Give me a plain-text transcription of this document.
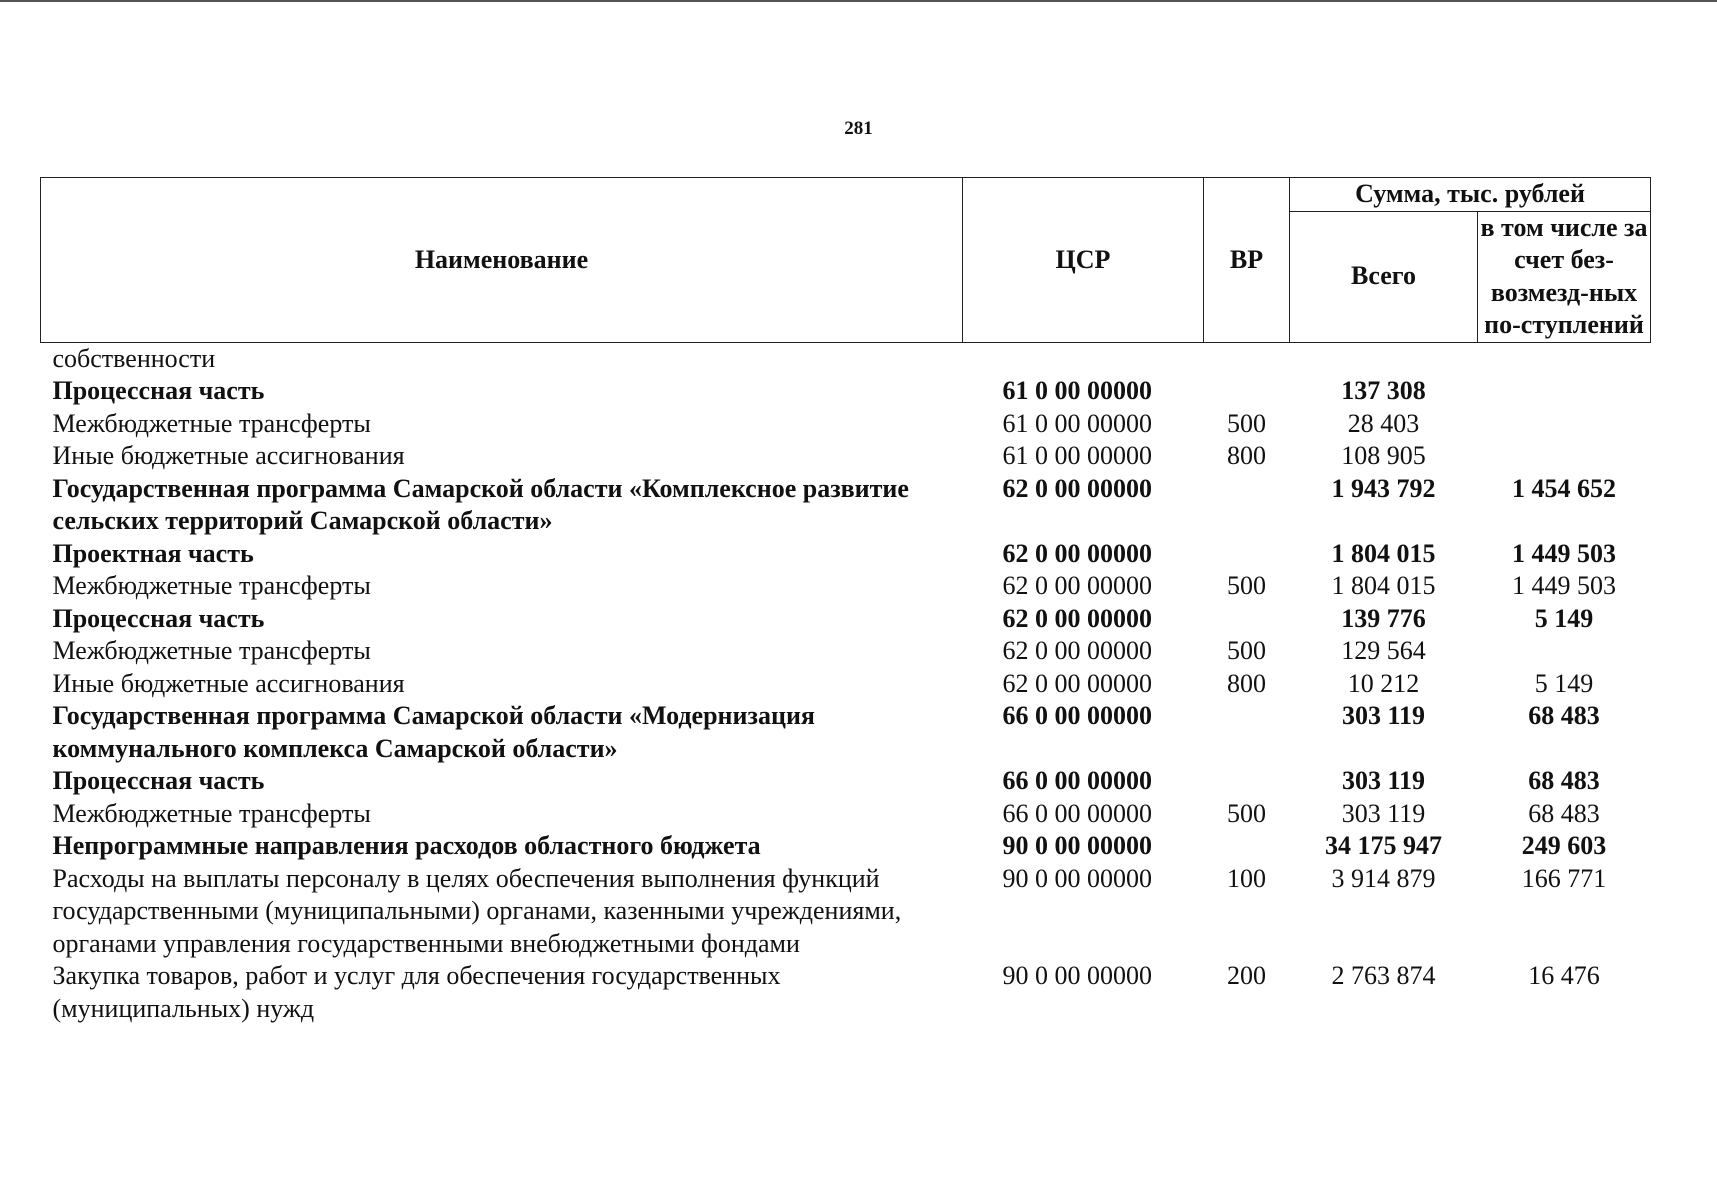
281
Наименование	ЦСР	ВР	Сумма, тыс. рублей	
			Всего	в том числе за счет без-возмезд-ных по-ступлений
собственности				
Процессная часть	61 0 00 00000		137 308	
Межбюджетные трансферты	61 0 00 00000	500	28 403	
Иные бюджетные ассигнования	61 0 00 00000	800	108 905	
Государственная программа Самарской области «Комплексное развитие сельских территорий Самарской области»	62 0 00 00000		1 943 792	1 454 652
Проектная часть	62 0 00 00000		1 804 015	1 449 503
Межбюджетные трансферты	62 0 00 00000	500	1 804 015	1 449 503
Процессная часть	62 0 00 00000		139 776	5 149
Межбюджетные трансферты	62 0 00 00000	500	129 564	
Иные бюджетные ассигнования	62 0 00 00000	800	10 212	5 149
Государственная программа Самарской области «Модернизация коммунального комплекса Самарской области»	66 0 00 00000		303 119	68 483
Процессная часть	66 0 00 00000		303 119	68 483
Межбюджетные трансферты	66 0 00 00000	500	303 119	68 483
Непрограммные направления расходов областного бюджета	90 0 00 00000		34 175 947	249 603
Расходы на выплаты персоналу в целях обеспечения выполнения функций государственными (муниципальными) органами, казенными учреждениями, органами управления государственными внебюджетными фондами	90 0 00 00000	100	3 914 879	166 771
Закупка товаров, работ и услуг для обеспечения государственных (муниципальных) нужд	90 0 00 00000	200	2 763 874	16 476
